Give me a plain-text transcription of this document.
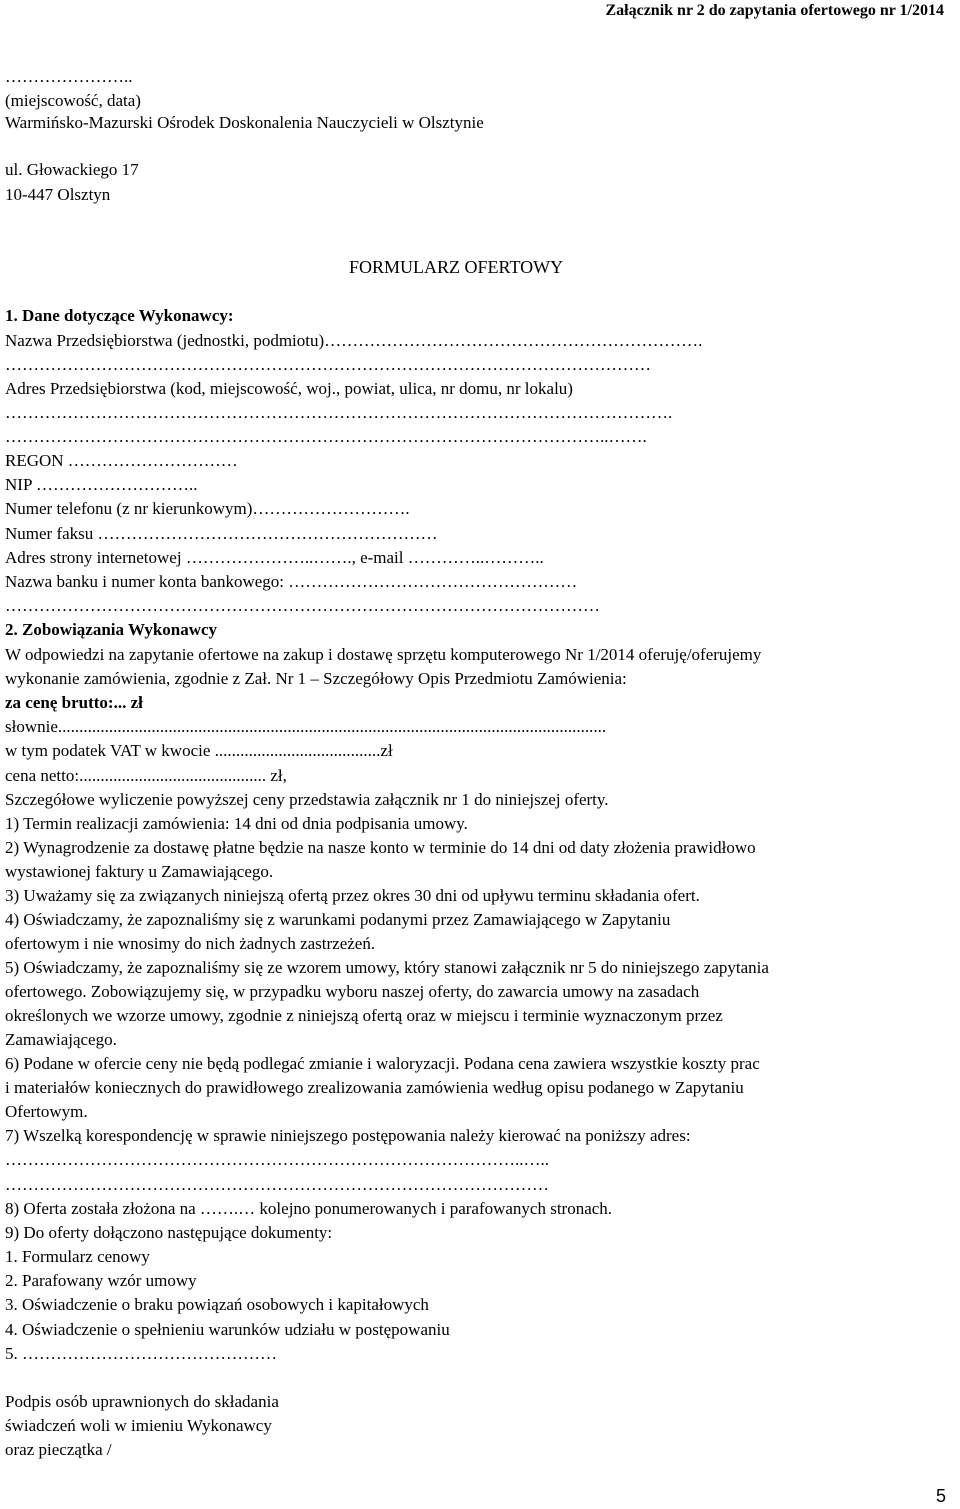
Załącznik nr 2 do zapytania ofertowego nr 1/2014
…………………..
(miejscowość, data)
Warmińsko-Mazurski Ośrodek Doskonalenia Nauczycieli w Olsztynie
ul. Głowackiego 17
10-447 Olsztyn
FORMULARZ OFERTOWY
1. Dane dotyczące Wykonawcy:
Nazwa Przedsiębiorstwa (jednostki, podmiotu)………………………………………………………….
……………………………………………………………………………………………………
Adres Przedsiębiorstwa (kod, miejscowość, woj., powiat, ulica, nr domu, nr lokalu)
……………………………………………………………………………………………………….
……………………………………………………………………………………………..…….
REGON …………………………
NIP ………………………..
Numer telefonu (z nr kierunkowym)……………………….
Numer faksu ……………………………………………………
Adres strony internetowej …………………..……., e-mail …………..………..
Nazwa banku i numer konta bankowego: ……………………………………………
……………………………………………………………………………………………
2. Zobowiązania Wykonawcy
W odpowiedzi na zapytanie ofertowe na zakup i dostawę sprzętu komputerowego Nr 1/2014 oferuję/oferujemy
wykonanie zamówienia, zgodnie z Zał. Nr 1 – Szczegółowy Opis Przedmiotu Zamówienia:
za cenę brutto:... zł
słownie.................................................................................................................................
w tym podatek VAT w kwocie .......................................zł
cena netto:............................................ zł,
Szczegółowe wyliczenie powyższej ceny przedstawia załącznik nr 1 do niniejszej oferty.
1) Termin realizacji zamówienia: 14 dni od dnia podpisania umowy.
2) Wynagrodzenie za dostawę płatne będzie na nasze konto w terminie do 14 dni od daty złożenia prawidłowo
wystawionej faktury u Zamawiającego.
3) Uważamy się za związanych niniejszą ofertą przez okres 30 dni od upływu terminu składania ofert.
4) Oświadczamy, że zapoznaliśmy się z warunkami podanymi przez Zamawiającego w Zapytaniu
ofertowym i nie wnosimy do nich żadnych zastrzeżeń.
5) Oświadczamy, że zapoznaliśmy się ze wzorem umowy, który stanowi załącznik nr 5 do niniejszego zapytania
ofertowego. Zobowiązujemy się, w przypadku wyboru naszej oferty, do zawarcia umowy na zasadach
określonych we wzorze umowy, zgodnie z niniejszą ofertą oraz w miejscu i terminie wyznaczonym przez
Zamawiającego.
6) Podane w ofercie ceny nie będą podlegać zmianie i waloryzacji. Podana cena zawiera wszystkie koszty prac
i materiałów koniecznych do prawidłowego zrealizowania zamówienia według opisu podanego w Zapytaniu
Ofertowym.
7) Wszelką korespondencję w sprawie niniejszego postępowania należy kierować na poniższy adres:
………………………………………………………………………………..…..
……………………………………………………………………………………
8) Oferta została złożona na …….… kolejno ponumerowanych i parafowanych stronach.
9) Do oferty dołączono następujące dokumenty:
1. Formularz cenowy
2. Parafowany wzór umowy
3. Oświadczenie o braku powiązań osobowych i kapitałowych
4. Oświadczenie o spełnieniu warunków udziału w postępowaniu
5. ………………………………………
Podpis osób uprawnionych do składania
świadczeń woli w imieniu Wykonawcy
oraz pieczątka /
5
